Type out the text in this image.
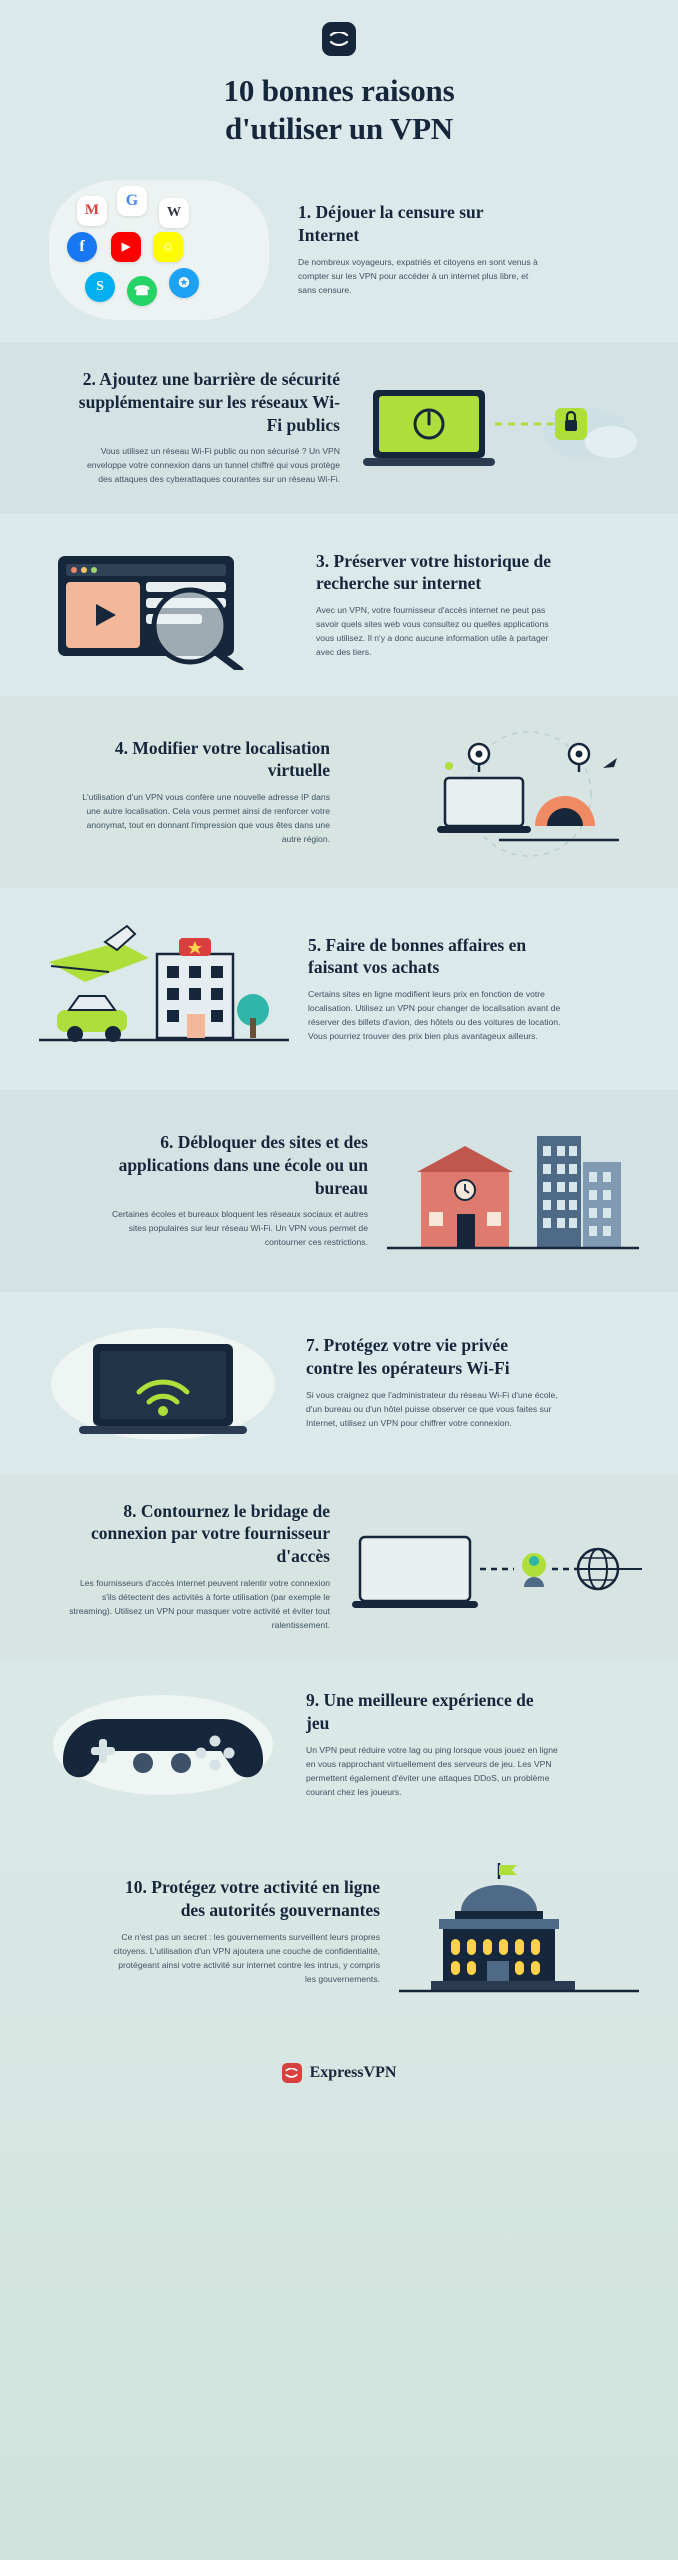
10 bonnes raisons
d'utiliser un VPN
M
G
W
f	▶	☺
S	☎
✪
1. Déjouer la censure sur Internet

De nombreux voyageurs, expatriés et citoyens en sont venus à compter sur les VPN pour accéder à un internet plus libre, et sans censure.

2. Ajoutez une barrière de sécurité supplémentaire sur les réseaux Wi-Fi publics

Vous utilisez un réseau Wi-Fi public ou non sécurisé ? Un VPN enveloppe votre connexion dans un tunnel chiffré qui vous protège des attaques des cyberattaques courantes sur un réseau Wi-Fi.

3. Préserver votre historique de recherche sur internet

Avec un VPN, votre fournisseur d'accès internet ne peut pas savoir quels sites web vous consultez ou quelles applications vous utilisez. Il n'y a donc aucune information utile à partager avec des tiers.

4. Modifier votre localisation virtuelle

L'utilisation d'un VPN vous confère une nouvelle adresse IP dans une autre localisation. Cela vous permet ainsi de renforcer votre anonymat, tout en donnant l'impression que vous êtes dans une autre région.

5. Faire de bonnes affaires en faisant vos achats

Certains sites en ligne modifient leurs prix en fonction de votre localisation. Utilisez un VPN pour changer de localisation avant de réserver des billets d'avion, des hôtels ou des voitures de location. Vous pourriez trouver des prix bien plus avantageux ailleurs.

6. Débloquer des sites et des applications dans une école ou un bureau

Certaines écoles et bureaux bloquent les réseaux sociaux et autres sites populaires sur leur réseau Wi-Fi. Un VPN vous permet de contourner ces restrictions.

7. Protégez votre vie privée contre les opérateurs Wi-Fi

Si vous craignez que l'administrateur du réseau Wi-Fi d'une école, d'un bureau ou d'un hôtel puisse observer ce que vous faites sur Internet, utilisez un VPN pour chiffrer votre connexion.

8. Contournez le bridage de connexion par votre fournisseur d'accès

Les fournisseurs d'accès internet peuvent ralentir votre connexion s'ils détectent des activités à forte utilisation (par exemple le streaming). Utilisez un VPN pour masquer votre activité et éviter tout ralentissement.

9. Une meilleure expérience de jeu

Un VPN peut réduire votre lag ou ping lorsque vous jouez en ligne en vous rapprochant virtuellement des serveurs de jeu. Les VPN permettent également d'éviter une attaques DDoS, un problème courant chez les joueurs.

10. Protégez votre activité en ligne des autorités gouvernantes

Ce n'est pas un secret : les gouvernements surveillent leurs propres citoyens. L'utilisation d'un VPN ajoutera une couche de confidentialité, protégeant ainsi votre activité sur internet contre les intrus, y compris les gouvernements.

ExpressVPN
